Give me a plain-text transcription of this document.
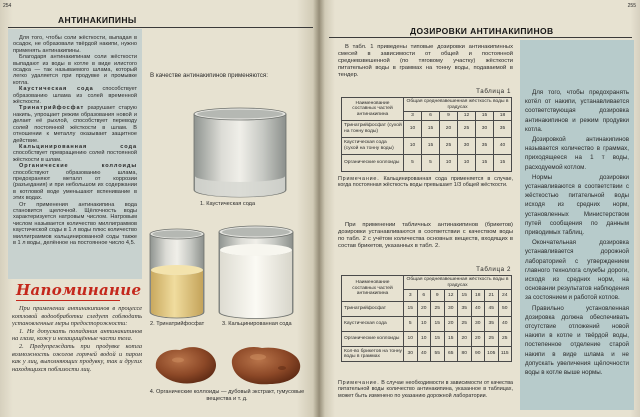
254
АНТИНАКИПИНЫ

Для того, чтобы соли жёсткости, выпадая в осадок, не образовали твёрдой накипи, нужно применять антинакипины.

Благодаря антинакипинам соли жёсткости выпадают из воды в котле в виде илистого осадка — так называемого шлама, который легко удаляется при продувке и промывке котла.

Каустическая сода способствует образованию шлама из солей временной жёсткости.

Тринатрийфосфат разрушает старую накипь, упрощает режим образования новой и делает её рыхлой, способствует переводу солей постоянной жёсткости в шлам. В отношении к металлу оказывает защитное действие.

Кальцинированная сода способствует превращению солей постоянной жёсткости в шлам.

Органические коллоиды способствуют образованию шлама, предохраняют металл от коррозии (разъедания) и при небольшом их содержании в котловой воде уменьшают вспенивание в этих водах.

От применения антинакипина вода становится щелочной. Щёлочность воды характеризуется натровым числом. Натровым числом называется количество миллиграммов каустической соды в 1 л воды плюс количество миллиграммов кальцинированной соды также в 1 л воды, делённое на постоянное число 4,5.

В качестве антинакипинов применяются:
1. Каустическая сода
2. Тринатрийфосфат	3. Кальцинированная сода
4. Органические коллоиды — дубовый экстракт, гумусовые вещества и т. д.
Напоминание

При применении антинакипинов в процессе котловой водообработки следует соблюдать установленные меры предосторожности:

1. Не допускать попадания антинакипинов на глаза, кожу и незащищённые части тела.

2. Предупреждать при продувке котла возможность ожогов горячей водой и паром как у лиц, выполняющих продувку, так и других находящихся поблизости лиц.

255
ДОЗИРОВКИ АНТИНАКИПИНОВ

В табл. 1 приведены типовые дозировки антинакипинных смесей в зависимости от общей и постоянной средневзвешенной (по тяговому участку) жёсткости питательной воды в граммах на тонну воды, подаваемой в тендер.

Таблица 1
Наименование составных частей антинакипина	Общая средневзвешенная жёсткость воды в градусах					
	3	6	9	12	15	18
Тринатрийфосфат (сухой на тонну воды)	10	15	20	25	30	35
Каустическая сода (сухой на тонну воды)	10	15	25	30	35	40
Органические коллоиды	5	5	10	10	15	15
Примечание. Кальцинированная сода применяется в случае, когда постоянная жёсткость воды превышает 1/3 общей жёсткости.

При применении табличных антинакипинов (брикетов) дозировки устанавливаются в соответствии с качеством воды по табл. 2 с учётом количества основных веществ, входящих в состав брикетов, указанных в табл. 2.

Таблица 2
Наименование составных частей антинакипина	Общая средневзвешенная жёсткость воды в градусах							
	3	6	9	12	15	18	21	24
Тринатрийфосфат	15	20	25	30	35	40	45	50
Каустическая сода	5	10	15	20	25	30	35	40
Органические коллоиды	10	10	15	15	20	20	25	25
Кол-во брикетов на тонну воды в граммах	30	40	55	65	80	90	105	115
Примечание. В случае необходимости в зависимости от качества питательной воды количество антинакипина, указанное в таблицах, может быть изменено по указанию дорожной лаборатории.

Для того, чтобы предохранять котёл от накипи, устанавливается соответствующая дозировка антинакипинов и режим продувки котла.

Дозировкой антинакипинов называется количество в граммах, приходящееся на 1 т воды, расходуемой котлом.

Нормы дозировки устанавливаются в соответствии с жёсткостью питательной воды исходя из средних норм, установленных Министерством путей сообщения по данным приводимых таблиц.

Окончательная дозировка устанавливается дорожной лабораторией с утверждением главного технолога службы дороги, исходя из средних норм, на основании результатов наблюдения за состоянием и работой котлов.

Правильно установленная дозировка должна обеспечивать отсутствие отложений новой накипи в котле и твёрдой воды, постепенное отделение старой накипи в виде шлама и не допускать увеличения щёлочности воды в котле выше нормы.
